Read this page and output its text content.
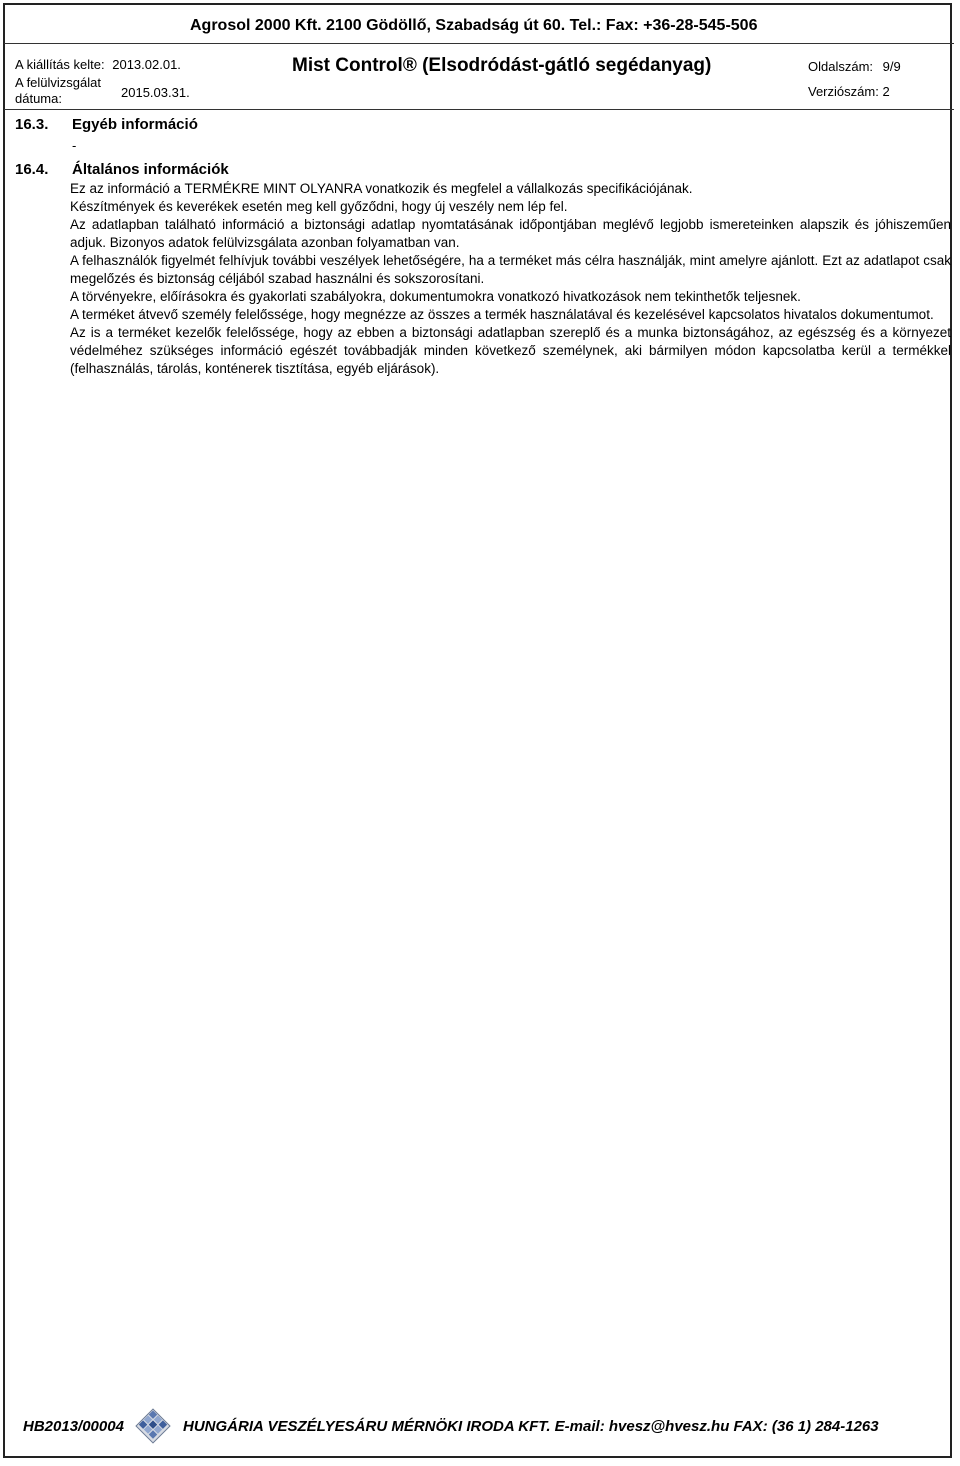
Agrosol 2000 Kft. 2100 Gödöllő, Szabadság út 60. Tel.: Fax: +36-28-545-506
A kiállítás kelte: 2013.02.01.
A felülvizsgálat
dátuma:	2015.03.31.
Mist Control® (Elsodródást-gátló segédanyag)	Oldalszám: 9/9
Verziószám: 2
16.3. Egyéb információ
-
16.4. Általános információk

Ez az információ a TERMÉKRE MINT OLYANRA vonatkozik és megfelel a vállalkozás specifikációjának.

Készítmények és keverékek esetén meg kell győződni, hogy új veszély nem lép fel.

Az adatlapban található információ a biztonsági adatlap nyomtatásának időpontjában meglévő legjobb ismereteinken alapszik és jóhiszeműen adjuk. Bizonyos adatok felülvizsgálata azonban folyamatban van.

A felhasználók figyelmét felhívjuk további veszélyek lehetőségére, ha a terméket más célra használják, mint amelyre ajánlott. Ezt az adatlapot csak megelőzés és biztonság céljából szabad használni és sokszorosítani.

A törvényekre, előírásokra és gyakorlati szabályokra, dokumentumokra vonatkozó hivatkozások nem tekinthetők teljesnek.

A terméket átvevő személy felelőssége, hogy megnézze az összes a termék használatával és kezelésével kapcsolatos hivatalos dokumentumot.

Az is a terméket kezelők felelőssége, hogy az ebben a biztonsági adatlapban szereplő és a munka biztonságához, az egészség és a környezet védelméhez szükséges információ egészét továbbadják minden következő személynek, aki bármilyen módon kapcsolatba kerül a termékkel (felhasználás, tárolás, konténerek tisztítása, egyéb eljárások).

HB2013/00004	HUNGÁRIA VESZÉLYESÁRU MÉRNÖKI IRODA KFT. E-mail: hvesz@hvesz.hu FAX: (36 1) 284-1263
